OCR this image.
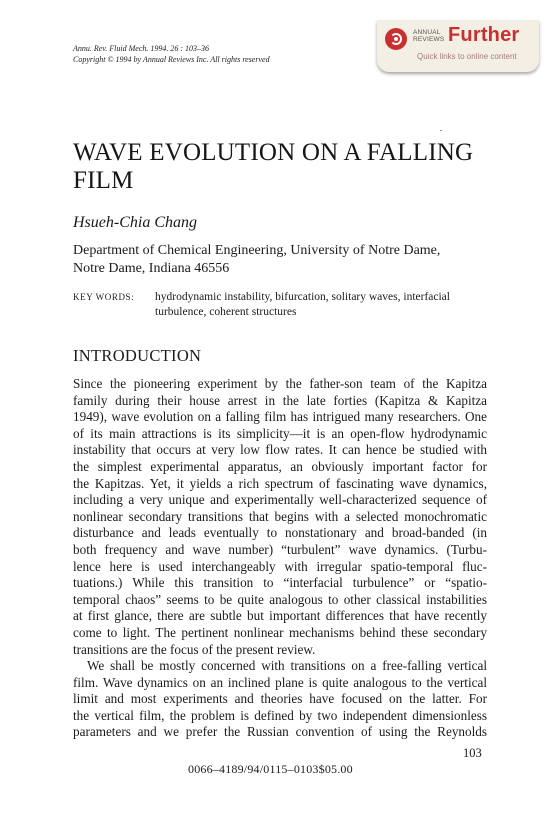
Annu. Rev. Fluid Mech. 1994. 26 : 103–36
Copyright © 1994 by Annual Reviews Inc. All rights reserved
ANNUAL
REVIEWS Further
Quick links to online content
WAVE EVOLUTION ON A FALLING
FILM
Hsueh-Chia Chang
Department of Chemical Engineering, University of Notre Dame,
Notre Dame, Indiana 46556
KEY WORDS: hydrodynamic instability, bifurcation, solitary waves, interfacial
turbulence, coherent structures
INTRODUCTION
Since the pioneering experiment by the father-son team of the Kapitza
family during their house arrest in the late forties (Kapitza & Kapitza
1949), wave evolution on a falling film has intrigued many researchers. One
of its main attractions is its simplicity—it is an open-flow hydrodynamic
instability that occurs at very low flow rates. It can hence be studied with
the simplest experimental apparatus, an obviously important factor for
the Kapitzas. Yet, it yields a rich spectrum of fascinating wave dynamics,
including a very unique and experimentally well-characterized sequence of
nonlinear secondary transitions that begins with a selected monochromatic
disturbance and leads eventually to nonstationary and broad-banded (in
both frequency and wave number) “turbulent” wave dynamics. (Turbu-
lence here is used interchangeably with irregular spatio-temporal fluc-
tuations.) While this transition to “interfacial turbulence” or “spatio-
temporal chaos” seems to be quite analogous to other classical instabilities
at first glance, there are subtle but important differences that have recently
come to light. The pertinent nonlinear mechanisms behind these secondary
transitions are the focus of the present review.
We shall be mostly concerned with transitions on a free-falling vertical
film. Wave dynamics on an inclined plane is quite analogous to the vertical
limit and most experiments and theories have focused on the latter. For
the vertical film, the problem is defined by two independent dimensionless
parameters and we prefer the Russian convention of using the Reynolds
103
0066–4189/94/0115–0103$05.00
